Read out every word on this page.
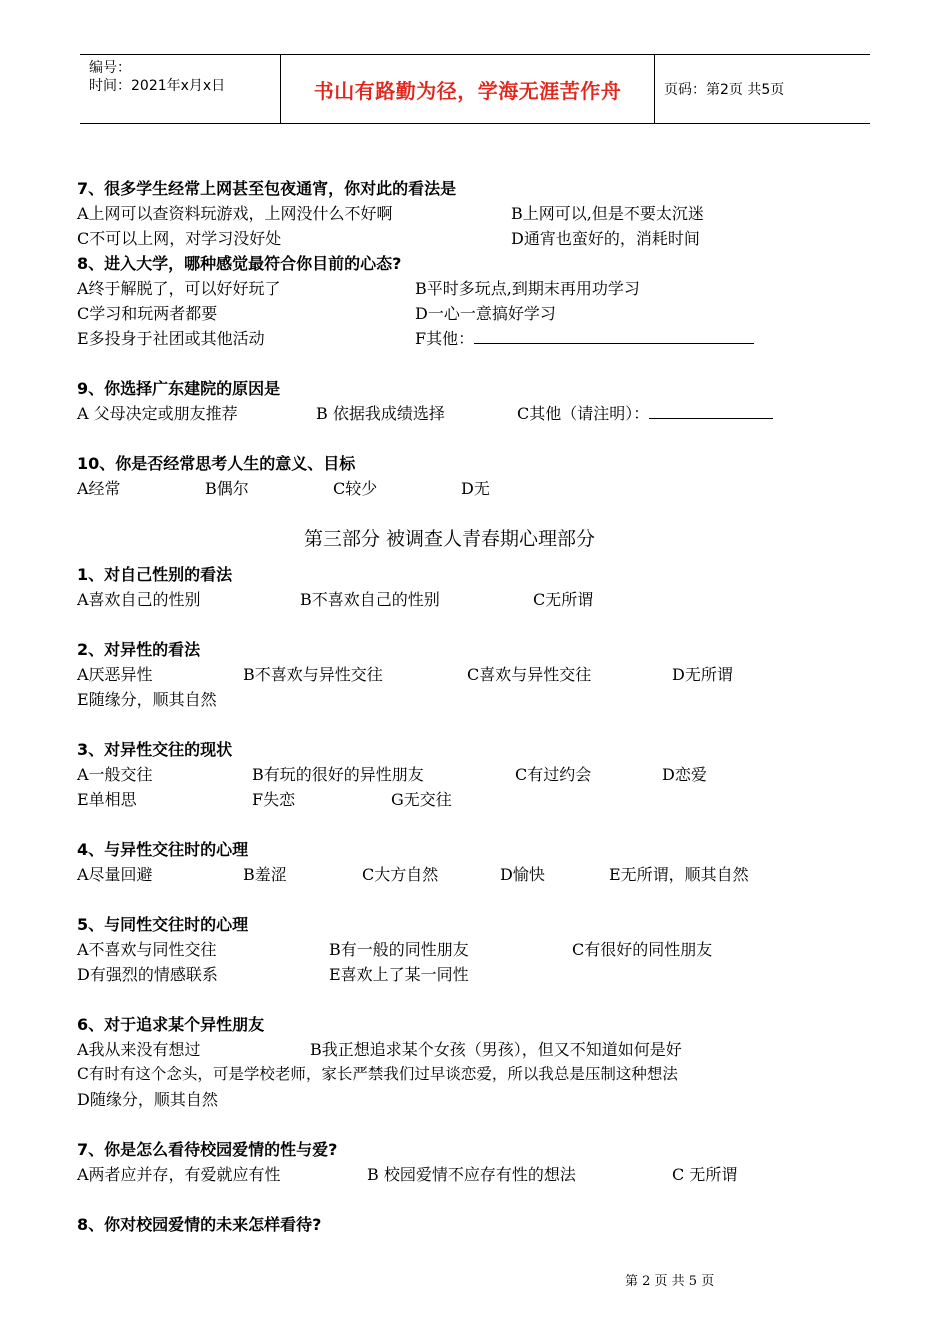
编号：
时间：2021年x月x日	书山有路勤为径，学海无涯苦作舟	页码：第2页 共5页
7、很多学生经常上网甚至包夜通宵，你对此的看法是
A上网可以查资料玩游戏，上网没什么不好啊	B上网可以,但是不要太沉迷
C不可以上网，对学习没好处	D通宵也蛮好的，消耗时间
8、进入大学，哪种感觉最符合你目前的心态?
A终于解脱了，可以好好玩了	B平时多玩点,到期末再用功学习
C学习和玩两者都要	D一心一意搞好学习
E多投身于社团或其他活动	F其他：
9、你选择广东建院的原因是
A 父母决定或朋友推荐	B 依据我成绩选择	C其他（请注明）：
10、你是否经常思考人生的意义、目标
A经常	B偶尔	C较少	D无
第三部分 被调查人青春期心理部分
1、对自己性别的看法
A喜欢自己的性别	B不喜欢自己的性别	C无所谓
2、对异性的看法
A厌恶异性	B不喜欢与异性交往	C喜欢与异性交往	D无所谓
E随缘分，顺其自然
3、对异性交往的现状
A一般交往	B有玩的很好的异性朋友	C有过约会	D恋爱
E单相思	F失恋	G无交往
4、与异性交往时的心理
A尽量回避	B羞涩	C大方自然	D愉快	E无所谓，顺其自然
5、与同性交往时的心理
A不喜欢与同性交往	B有一般的同性朋友	C有很好的同性朋友
D有强烈的情感联系	E喜欢上了某一同性
6、对于追求某个异性朋友
A我从来没有想过	B我正想追求某个女孩（男孩），但又不知道如何是好
C有时有这个念头，可是学校老师，家长严禁我们过早谈恋爱，所以我总是压制这种想法
D随缘分，顺其自然
7、你是怎么看待校园爱情的性与爱?
A两者应并存，有爱就应有性	B 校园爱情不应存有性的想法	C 无所谓
8、你对校园爱情的未来怎样看待?
第 2 页 共 5 页
